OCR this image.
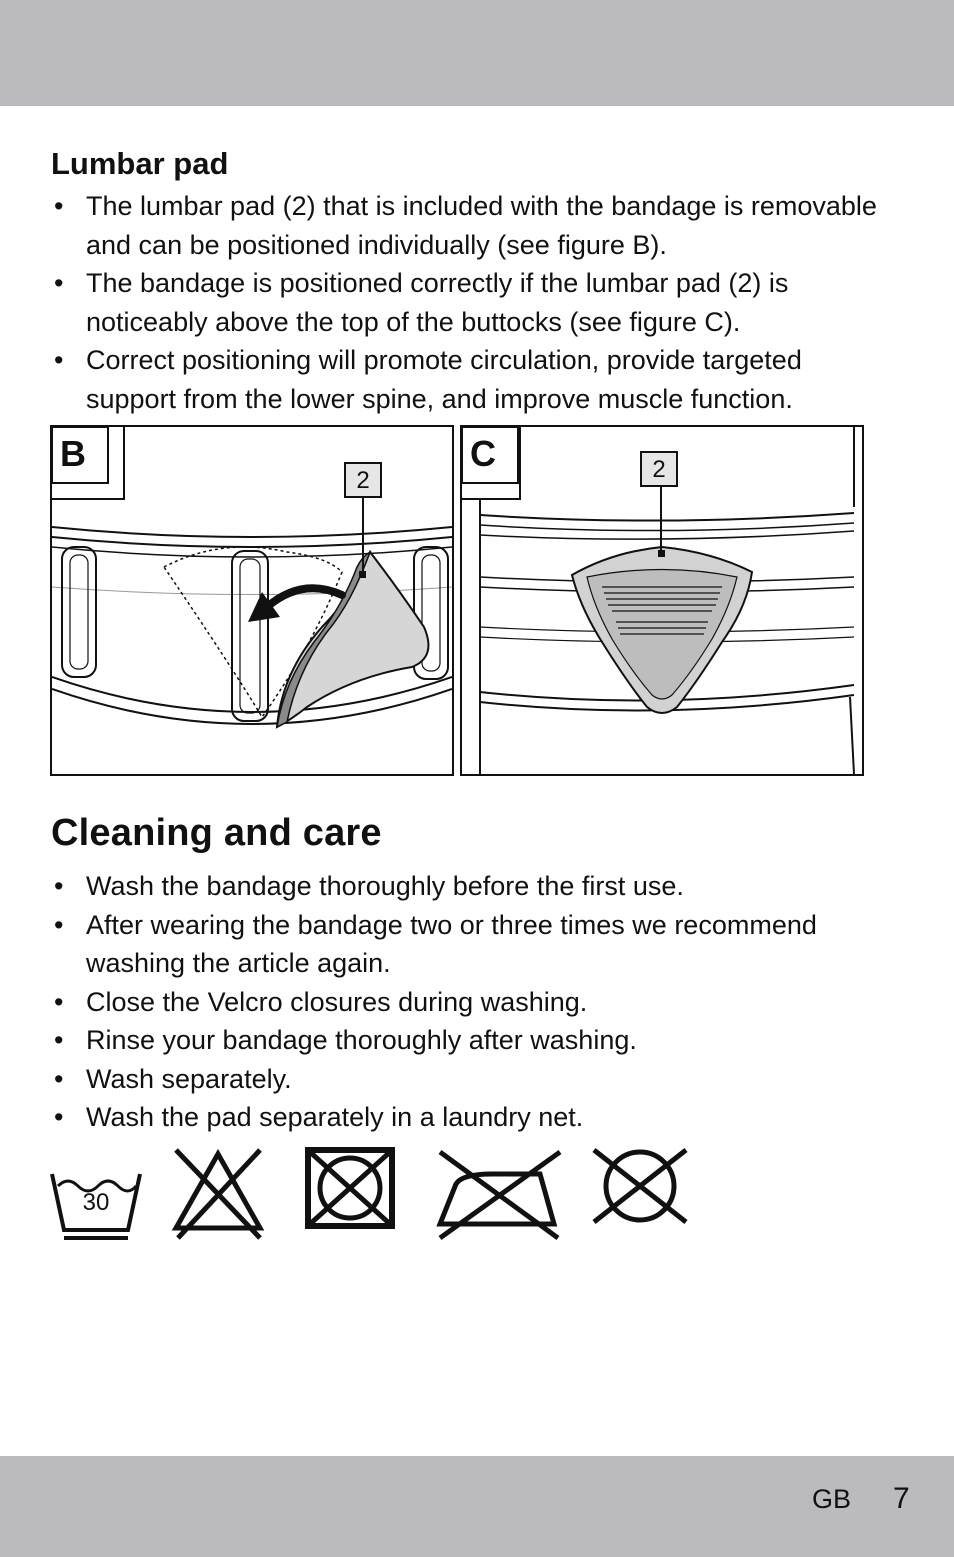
Lumbar pad
• The lumbar pad (2) that is included with the bandage is removable and can be positioned individually (see figure B).
• The bandage is positioned correctly if the lumbar pad (2) is noticeably above the top of the buttocks (see figure C).
• Correct positioning will promote circulation, provide targeted support from the lower spine, and improve muscle function.
B
2
C	2
Cleaning and care
• Wash the bandage thoroughly before the first use.
• After wearing the bandage two or three times we recommend washing the article again.
• Close the Velcro closures during washing.
• Rinse your bandage thoroughly after washing.
• Wash separately.
• Wash the pad separately in a laundry net.
30
GB 7
